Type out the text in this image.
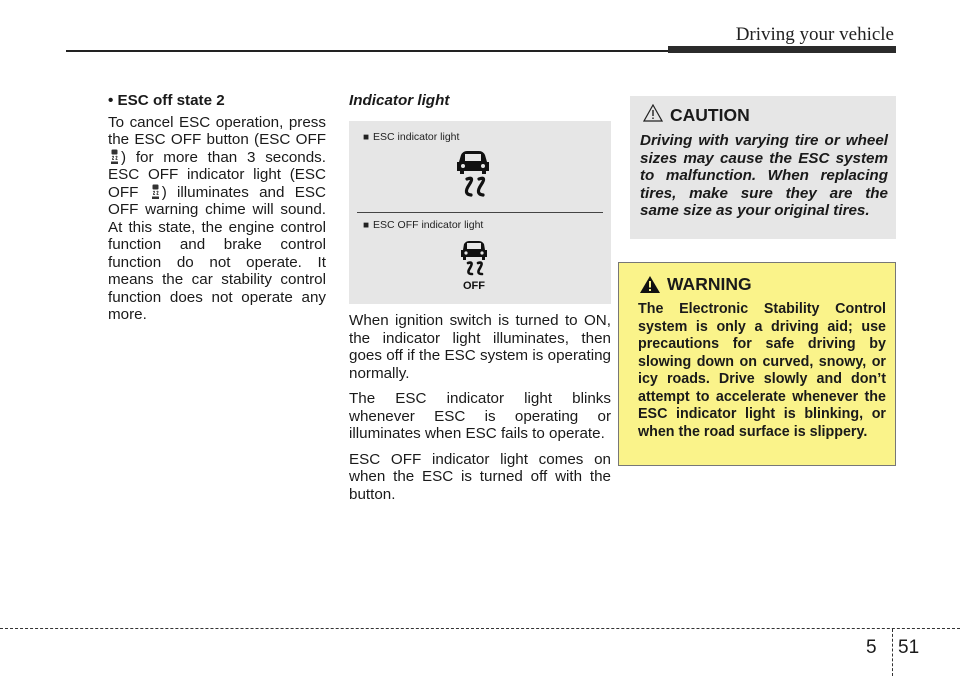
Driving your vehicle
• ESC off state 2
To cancel ESC operation, press the ESC OFF button (ESC OFF ) for more than 3 seconds. ESC OFF indicator light (ESC OFF ) illuminates and ESC OFF warning chime will sound. At this state, the engine control function and brake control function do not operate. It means the car stability control function does not operate any more.
Indicator light
■ ESC indicator light
■ ESC OFF indicator light
OFF
When ignition switch is turned to ON, the indicator light illuminates, then goes off if the ESC system is operating normally.
The ESC indicator light blinks whenever ESC is operating or illuminates when ESC fails to operate.
ESC OFF indicator light comes on when the ESC is turned off with the button.
CAUTION
Driving with varying tire or wheel sizes may cause the ESC system to malfunction. When replacing tires, make sure they are the same size as your original tires.
WARNING
The Electronic Stability Control system is only a driving aid; use precautions for safe driving by slowing down on curved, snowy, or icy roads. Drive slowly and don’t attempt to accelerate whenever the ESC indicator light is blinking, or when the road surface is slippery.
5 51
